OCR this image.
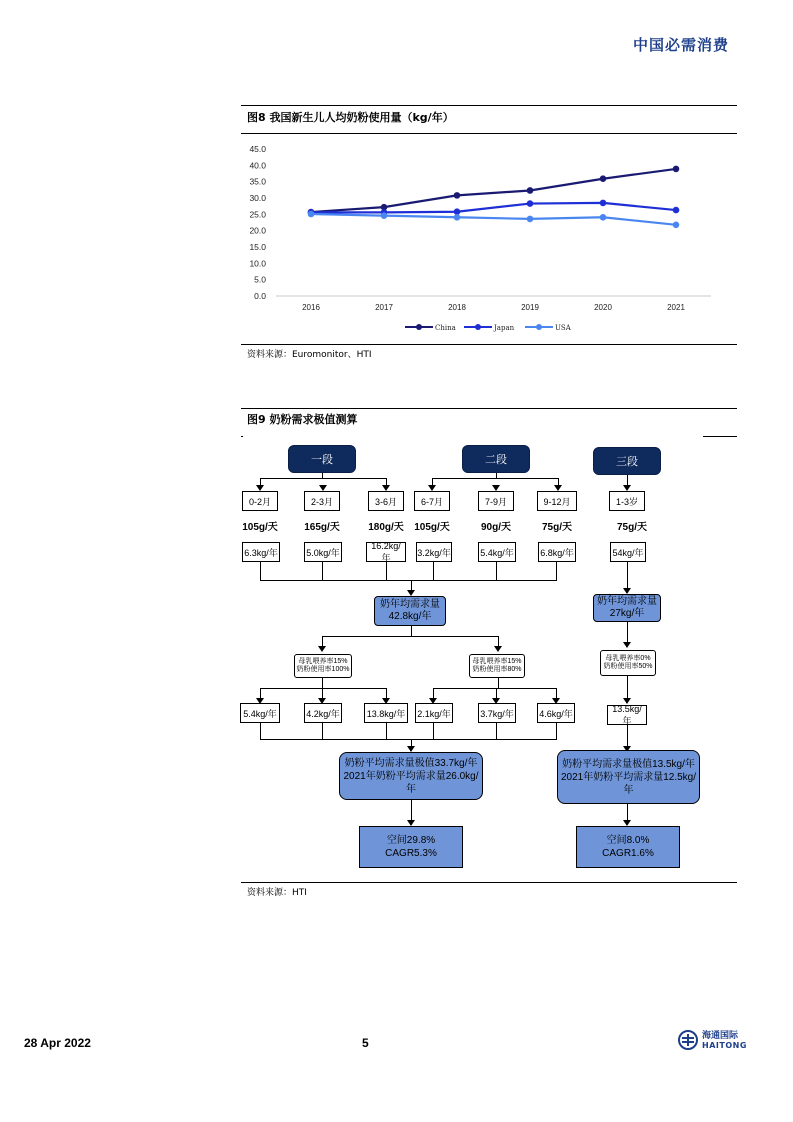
中国必需消费
图8 我国新生儿人均奶粉使用量（kg/年）
0.0
5.0
10.0
15.0
20.0
25.0
30.0
35.0
40.0
45.0
2016	2017	2018	2019	2020	2021
China	Japan	USA
资料来源：Euromonitor、HTI
图9 奶粉需求极值测算
一段	二段	三段
0-2月	2-3月	3-6月	6-7月	7-9月	9-12月	1-3岁
105g/天	165g/天	180g/天	105g/天	90g/天	75g/天	75g/天
6.3kg/年	5.0kg/年
16.2kg/年	3.2kg/年	5.4kg/年	6.8kg/年	54kg/年
奶年均需求量
42.8kg/年
奶年均需求量
27kg/年
母乳喂养率15%
奶粉使用率100%
母乳喂养率15%
奶粉使用率80%
母乳喂养率0%
奶粉使用率50%
5.4kg/年	4.2kg/年	13.8kg/年	2.1kg/年	3.7kg/年	4.6kg/年	13.5kg/年
奶粉平均需求量极值33.7kg/年
2021年奶粉平均需求量26.0kg/年
奶粉平均需求量极值13.5kg/年
2021年奶粉平均需求量12.5kg/年
空间29.8%
CAGR5.3%
空间8.0%
CAGR1.6%
资料来源：HTI
28 Apr 2022	5
海通国际
HAITONG
